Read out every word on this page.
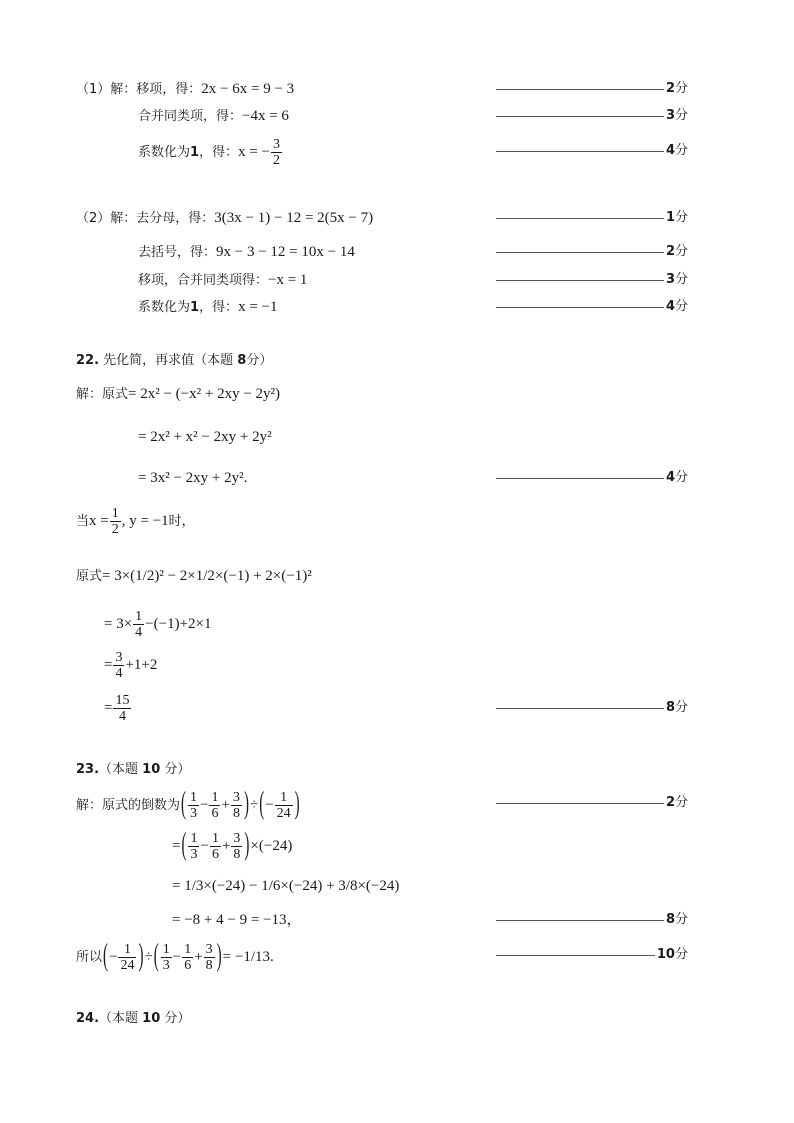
（1）解：移项，得：2x − 6x = 9 − 3	2 分
合并同类项，得：−4x = 6	3 分
系数化为1，得：x = − $\frac{3}{2}$	4 分
（2）解：去分母，得：3(3x − 1) − 12 = 2(5x − 7)	1 分
去括号，得：9x − 3 − 12 = 10x − 14	2 分
移项，合并同类项得：−x = 1	3 分
系数化为1，得：x = −1	4 分
22. 先化简，再求值（本题 8分）
解：原式= 2x² − (−x² + 2xy − 2y²)
= 2x² + x² − 2xy + 2y²
= 3x² − 2xy + 2y².	4 分
当$x = \frac{1}{2}$ , y = −1时，
原式= 3×(1/2)² − 2×1/2×(−1) + 2×(−1)²
= $3\times \frac{1}{4} -(-1)+2\times 1$
= $\frac{3}{4} +1+2$
= $\frac{15}{4}$	8 分
23.（本题 10 分）
解：原式的倒数为( $\frac{1}{3} - \frac{1}{6} + \frac{3}{8}$ )÷(− $\frac{1}{24}$ )	2 分
=( $\frac{1}{3} - \frac{1}{6} + \frac{3}{8} )\times(-24)$
= 1/3×(−24) − 1/6×(−24) + 3/8×(−24)
= −8 + 4 − 9 = −13，	8 分
所以(− $\frac{1}{24}$ )÷( $\frac{1}{3} - \frac{1}{6} + \frac{3}{8}$ )= −1/13.	10 分
24.（本题 10 分）
